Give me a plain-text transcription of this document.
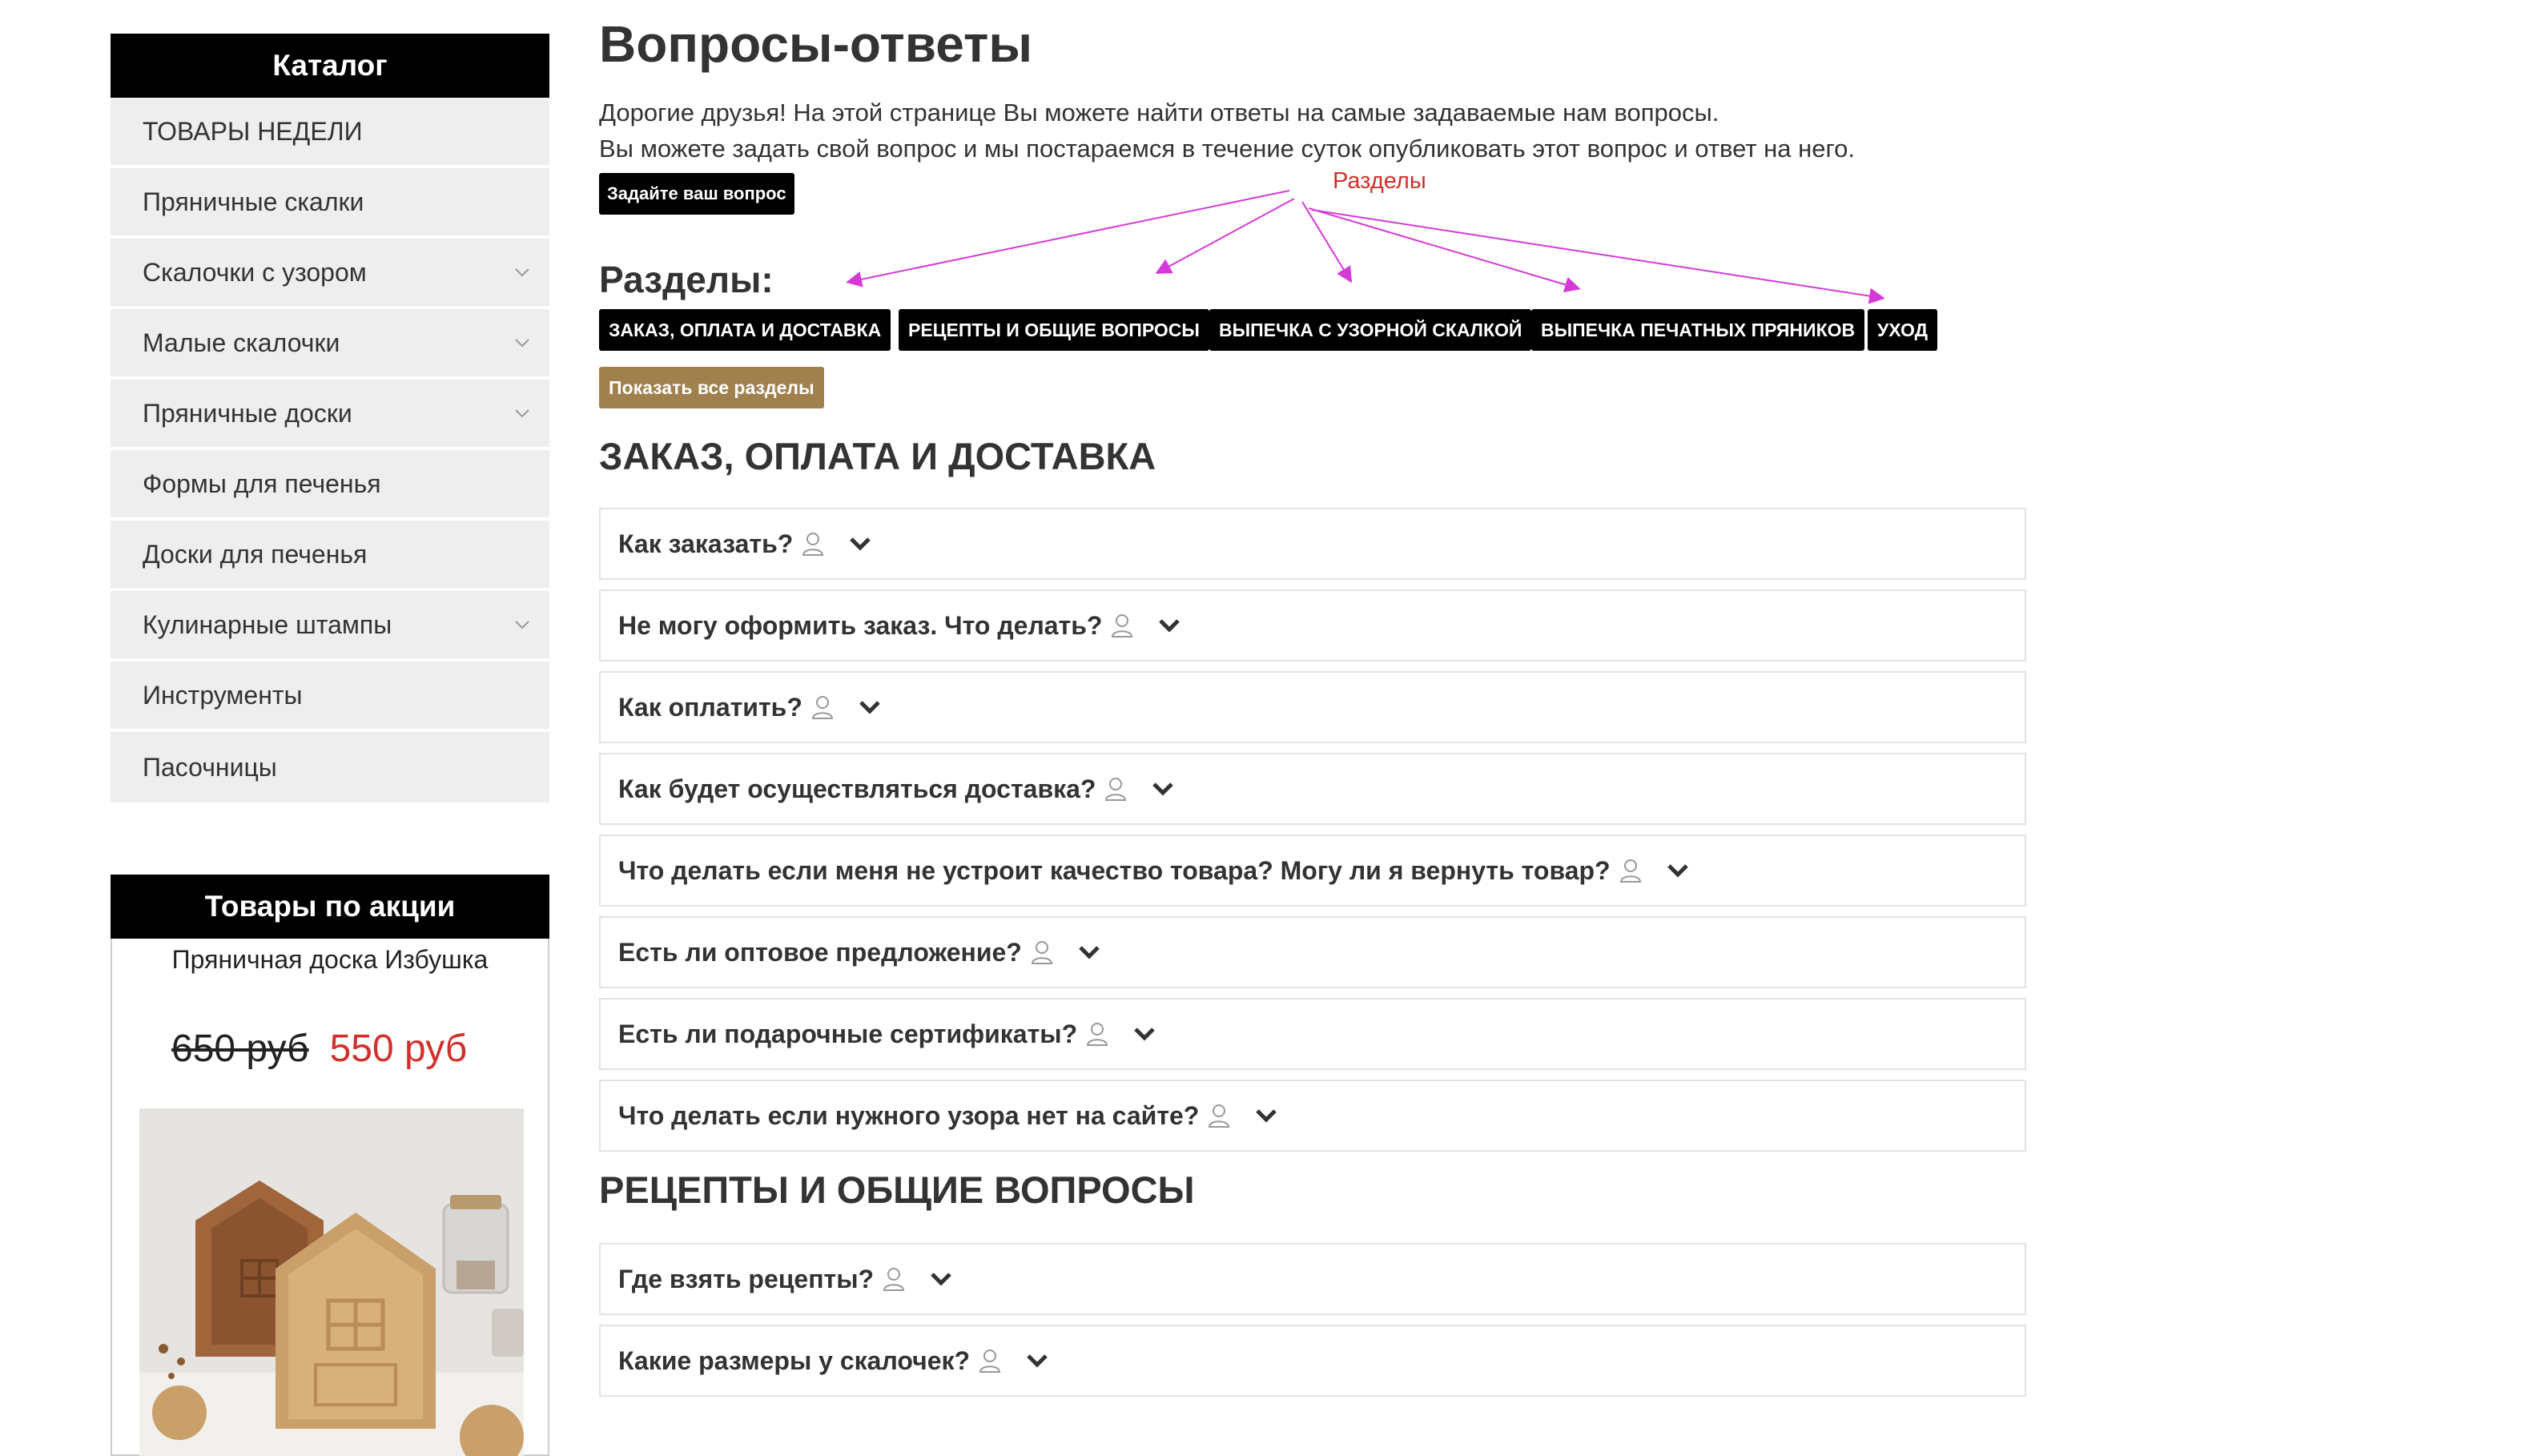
Каталог
ТОВАРЫ НЕДЕЛИ
Пряничные скалки
Скалочки с узором
Малые скалочки
Пряничные доски
Формы для печенья
Доски для печенья
Кулинарные штампы
Инструменты
Пасочницы
Товары по акции
Пряничная доска Избушка
650 руб 550 руб
Вопросы-ответы
Дорогие друзья! На этой странице Вы можете найти ответы на самые задаваемые нам вопросы.
Вы можете задать свой вопрос и мы постараемся в течение суток опубликовать этот вопрос и ответ на него.
Задайте ваш вопрос	Разделы
Разделы:
ЗАКАЗ, ОПЛАТА И ДОСТАВКА	РЕЦЕПТЫ И ОБЩИЕ ВОПРОСЫ	ВЫПЕЧКА С УЗОРНОЙ СКАЛКОЙ	ВЫПЕЧКА ПЕЧАТНЫХ ПРЯНИКОВ	УХОД
Показать все разделы
ЗАКАЗ, ОПЛАТА И ДОСТАВКА
Как заказать?
Не могу оформить заказ. Что делать?
Как оплатить?
Как будет осуществляться доставка?
Что делать если меня не устроит качество товара? Могу ли я вернуть товар?
Есть ли оптовое предложение?
Есть ли подарочные сертификаты?
Что делать если нужного узора нет на сайте?
РЕЦЕПТЫ И ОБЩИЕ ВОПРОСЫ
Где взять рецепты?
Какие размеры у скалочек?
